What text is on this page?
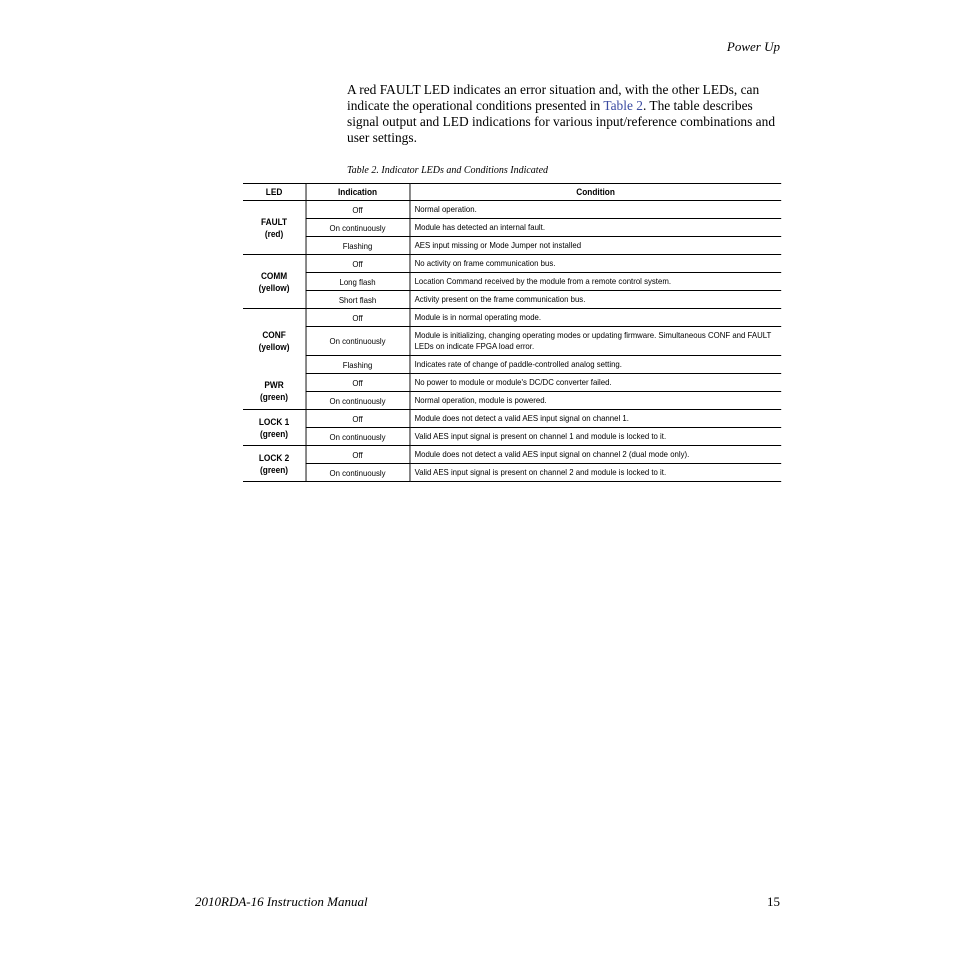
Power Up

A red FAULT LED indicates an error situation and, with the other LEDs, can indicate the operational conditions presented in Table 2. The table describes signal output and LED indications for various input/reference combinations and user settings.

Table 2. Indicator LEDs and Conditions Indicated
LED	Indication	Condition

FAULT
(red)	Off	Normal operation.
	On continuously	Module has detected an internal fault.
	Flashing	AES input missing or Mode Jumper not installed

COMM
(yellow)	Off	No activity on frame communication bus.
	Long flash	Location Command received by the module from a remote control system.
	Short flash	Activity present on the frame communication bus.

CONF
(yellow)	Off	Module is in normal operating mode.
	On continuously	Module is initializing, changing operating modes or updating firmware. Simultaneous CONF and FAULT LEDs on indicate FPGA load error.
	Flashing	Indicates rate of change of paddle-controlled analog setting.

PWR
(green)	Off	No power to module or module's DC/DC converter failed.
	On continuously	Normal operation, module is powered.

LOCK 1
(green)	Off	Module does not detect a valid AES input signal on channel 1.
	On continuously	Valid AES input signal is present on channel 1 and module is locked to it.

LOCK 2
(green)	Off	Module does not detect a valid AES input signal on channel 2 (dual mode only).
	On continuously	Valid AES input signal is present on channel 2 and module is locked to it.
2010RDA-16 Instruction Manual	15
